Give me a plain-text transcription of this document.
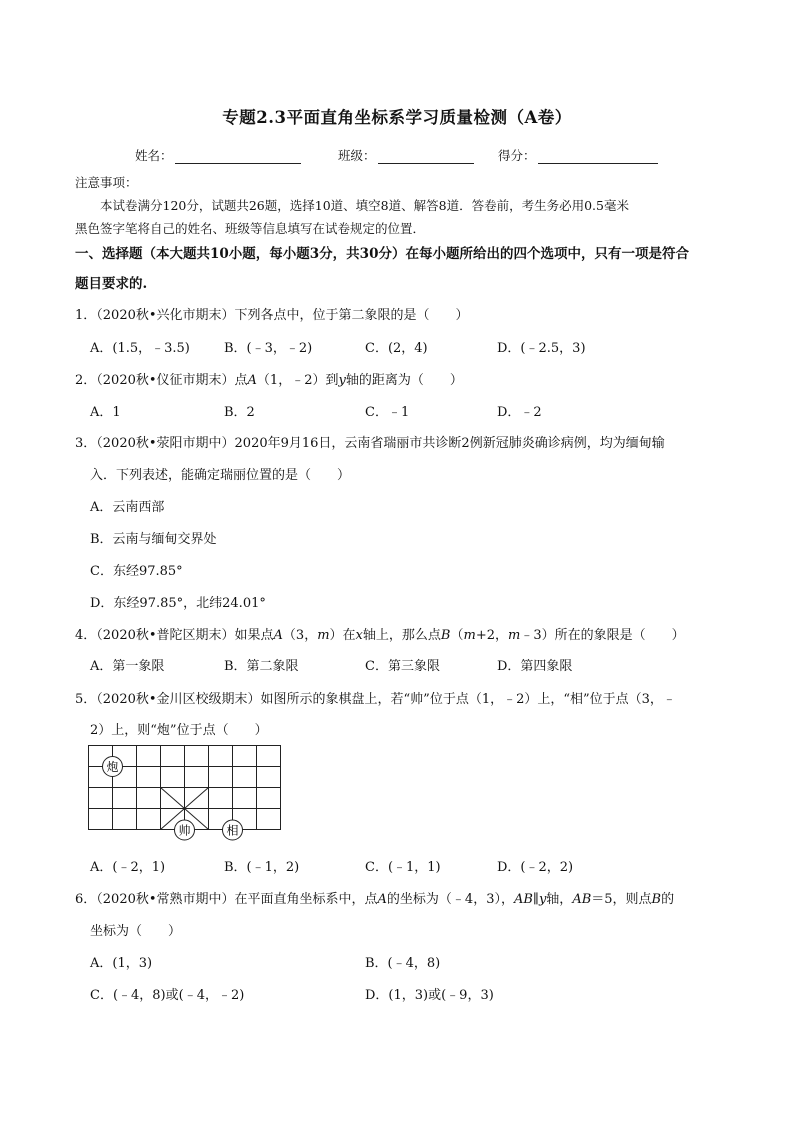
专题2.3平面直角坐标系学习质量检测（A卷）
姓名：	班级：	得分：
注意事项：
本试卷满分120分，试题共26题，选择10道、填空8道、解答8道．答卷前，考生务必用0.5毫米
黑色签字笔将自己的姓名、班级等信息填写在试卷规定的位置．
一、选择题（本大题共10小题，每小题3分，共30分）在每小题所给出的四个选项中，只有一项是符合
题目要求的.
1．（2020秋•兴化市期末）下列各点中，位于第二象限的是（　　）
A．(1.5，﹣3.5)	B．(﹣3，﹣2)	C．(2，4)	D．(﹣2.5，3)
2．（2020秋•仪征市期末）点A（1，﹣2）到y轴的距离为（　　）
A．1	B．2	C．﹣1	D．﹣2
3．（2020秋•荥阳市期中）2020年9月16日，云南省瑞丽市共诊断2例新冠肺炎确诊病例，均为缅甸输
入．下列表述，能确定瑞丽位置的是（　　）
A．云南西部
B．云南与缅甸交界处
C．东经97.85°
D．东经97.85°，北纬24.01°
4．（2020秋•普陀区期末）如果点A（3，m）在x轴上，那么点B（m+2，m﹣3）所在的象限是（　　）
A．第一象限	B．第二象限	C．第三象限	D．第四象限
5．（2020秋•金川区校级期末）如图所示的象棋盘上，若“帅”位于点（1，﹣2）上，“相”位于点（3，﹣
2）上，则“炮”位于点（　　）
炮
帅	相
A．(﹣2，1)	B．(﹣1，2)	C．(﹣1，1)	D．(﹣2，2)
6．（2020秋•常熟市期中）在平面直角坐标系中，点A的坐标为（﹣4，3），AB∥y轴，AB＝5，则点B的
坐标为（　　）
A．(1，3)	B．(﹣4，8)
C．(﹣4，8)或(﹣4，﹣2)	D．(1，3)或(﹣9，3)
